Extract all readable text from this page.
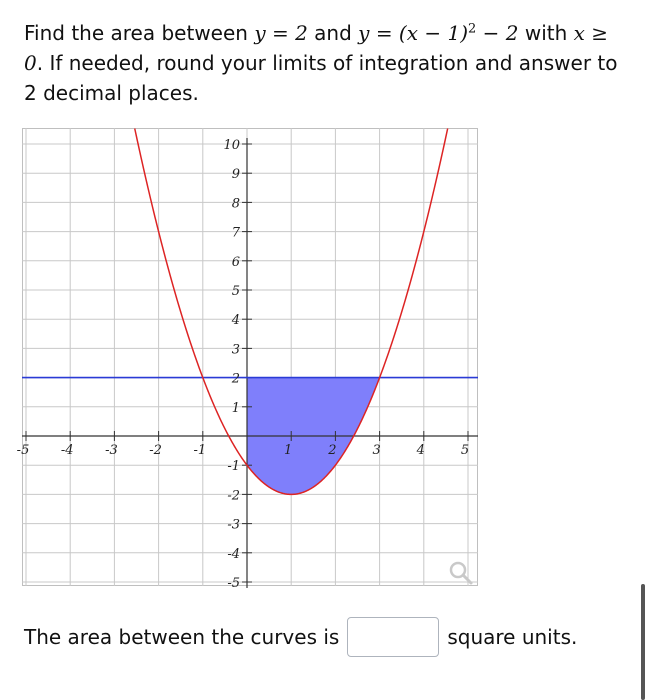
Find the area between y = 2 and $y = (x - 1)^2 - 2$ with x ≥ 0. If needed, round your limits of integration and answer to 2 decimal places.
-5 -4 -3 -2 -1	1	2	3	4	5
10
9
8
7
6
5
4
3
2
1
-1
-2
-3
-4
-5
The area between the curves is	square units.
